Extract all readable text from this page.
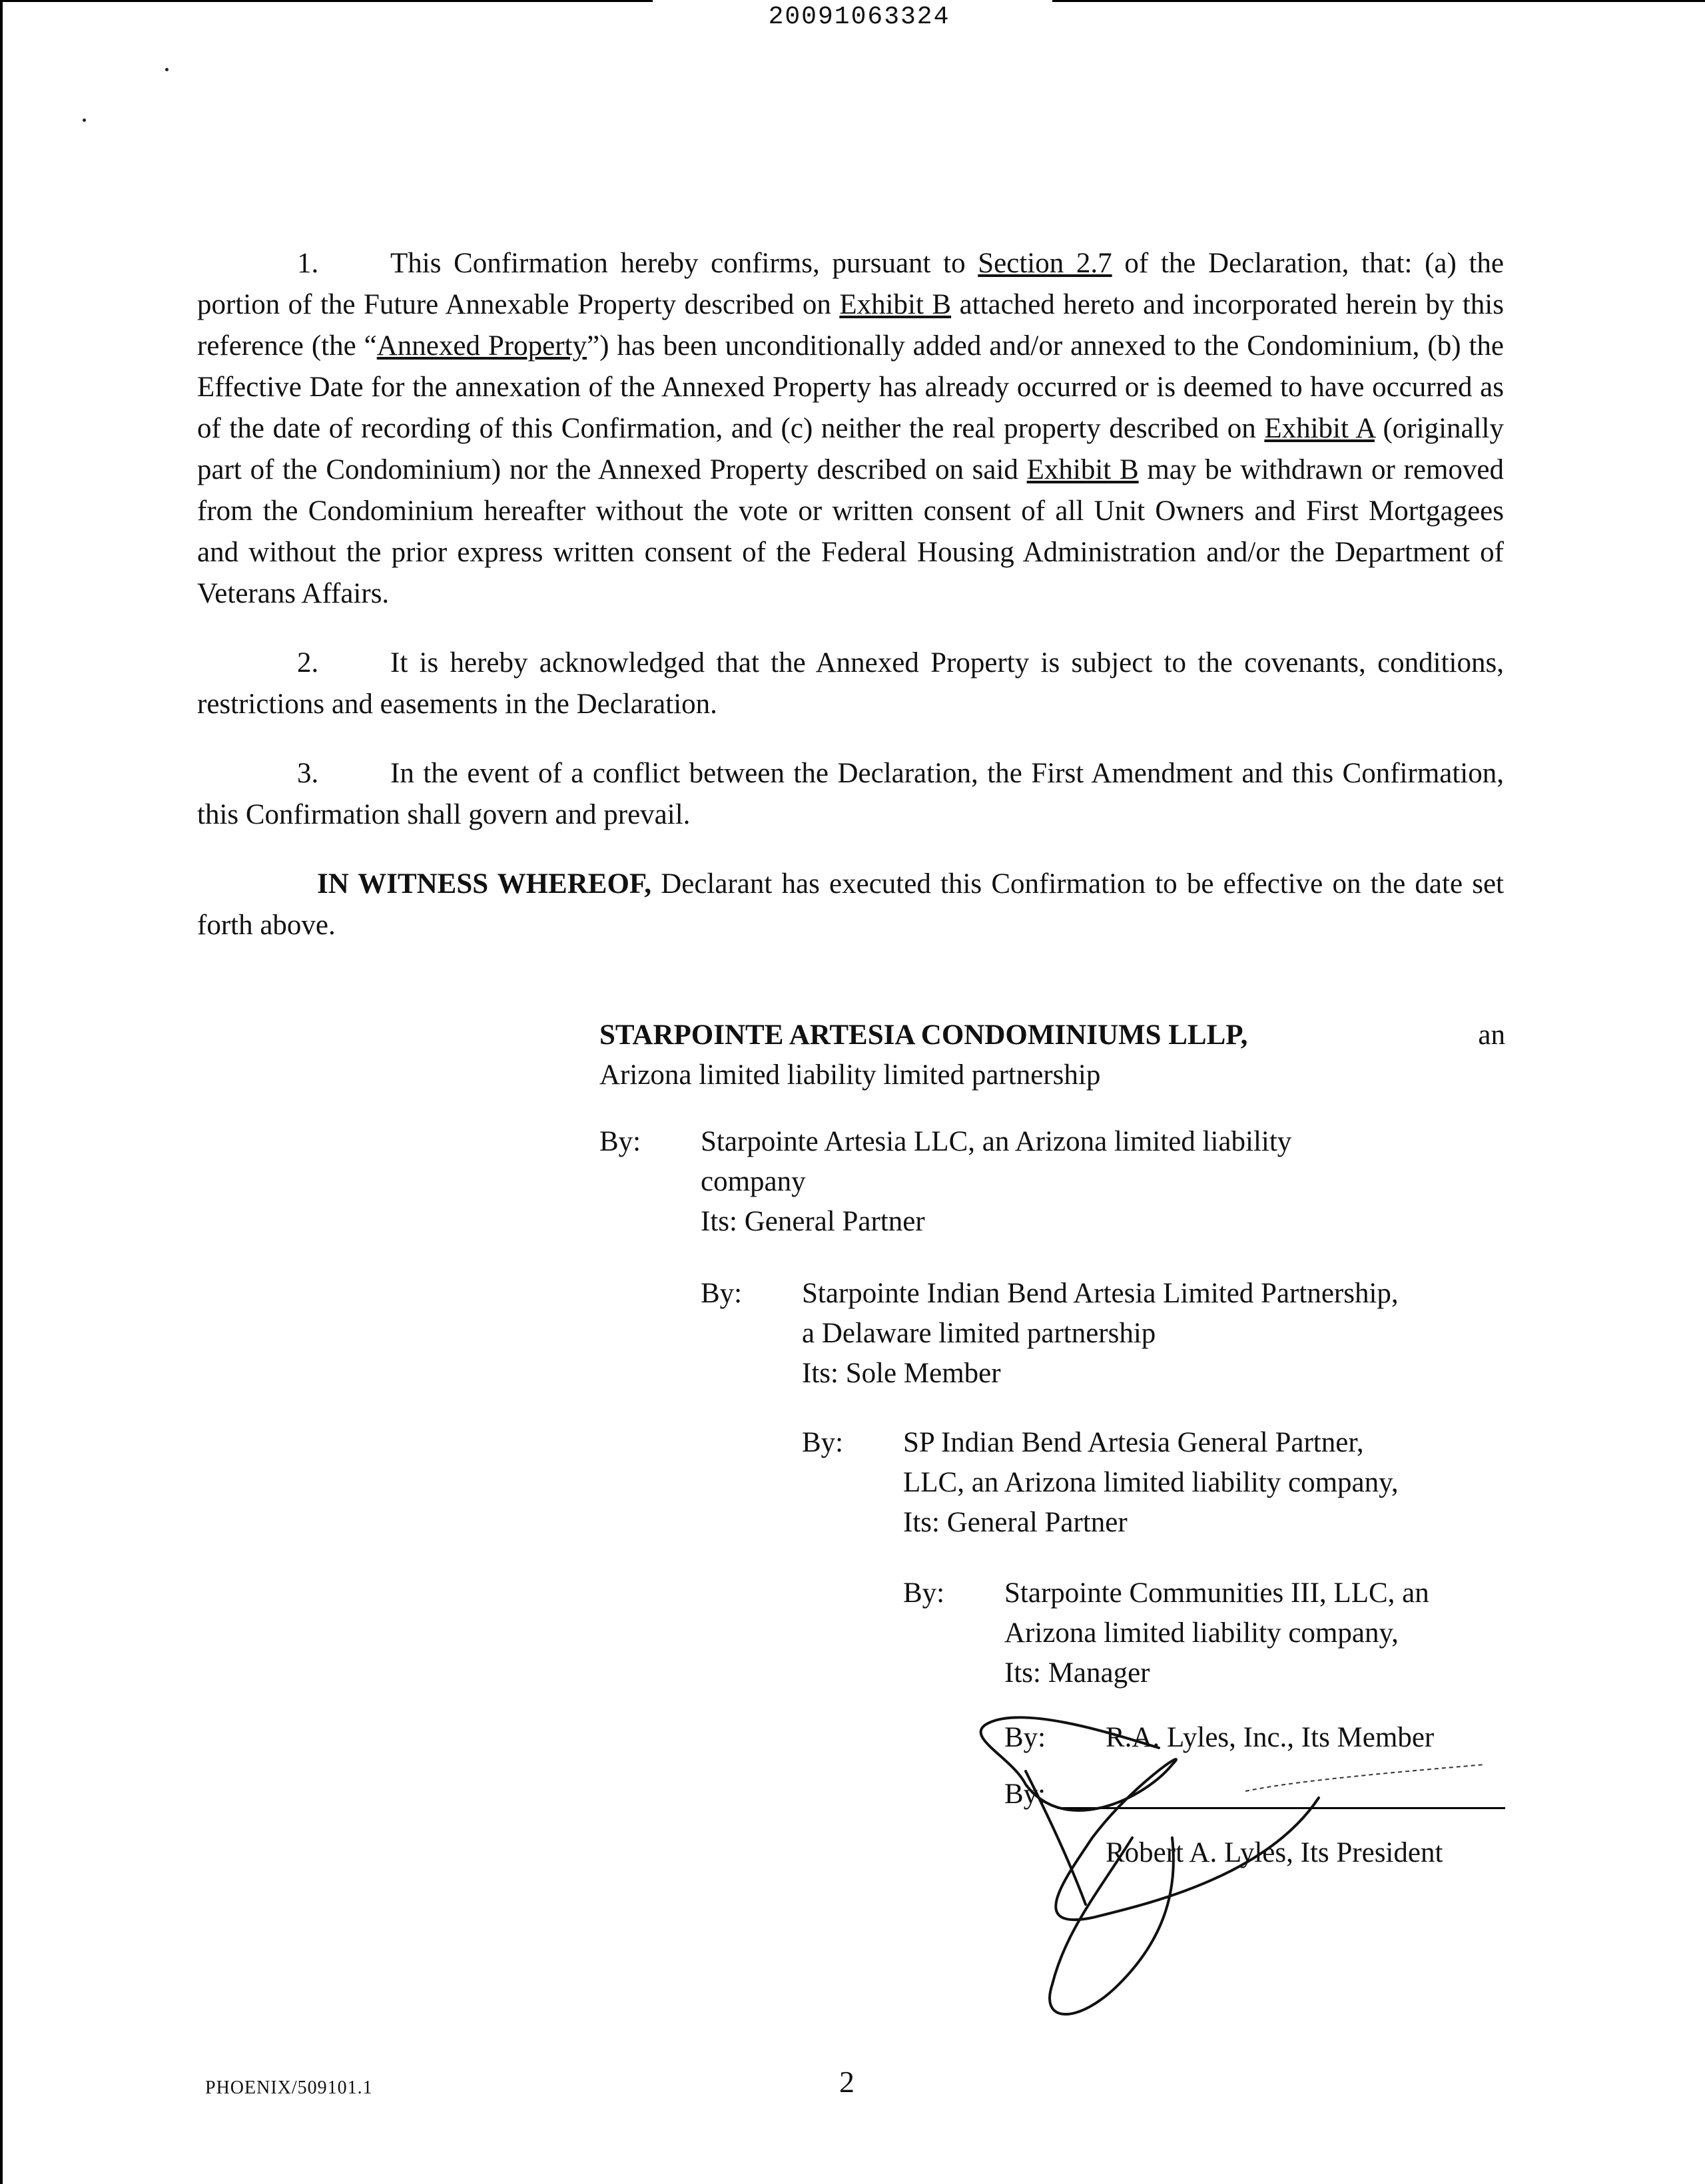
20091063324

1.	This Confirmation hereby confirms, pursuant to Section 2.7 of the Declaration, that: (a) the portion of the Future Annexable Property described on Exhibit B attached hereto and incorporated herein by this reference (the “Annexed Property”) has been unconditionally added and/or annexed to the Condominium, (b) the Effective Date for the annexation of the Annexed Property has already occurred or is deemed to have occurred as of the date of recording of this Confirmation, and (c) neither the real property described on Exhibit A (originally part of the Condominium) nor the Annexed Property described on said Exhibit B may be withdrawn or removed from the Condominium hereafter without the vote or written consent of all Unit Owners and First Mortgagees and without the prior express written consent of the Federal Housing Administration and/or the Department of Veterans Affairs.

2.	It is hereby acknowledged that the Annexed Property is subject to the covenants, conditions, restrictions and easements in the Declaration.

3.	In the event of a conflict between the Declaration, the First Amendment and this Confirmation, this Confirmation shall govern and prevail.

IN WITNESS WHEREOF, Declarant has executed this Confirmation to be effective on the date set forth above.

STARPOINTE ARTESIA CONDOMINIUMS LLLP,	an
Arizona limited liability limited partnership
By:	Starpointe Artesia LLC, an Arizona limited liability
company
Its: General Partner
By:	Starpointe Indian Bend Artesia Limited Partnership,
a Delaware limited partnership
Its: Sole Member
By:	SP Indian Bend Artesia General Partner,
LLC, an Arizona limited liability company,
Its: General Partner
By:	Starpointe Communities III, LLC, an
Arizona limited liability company,
Its: Manager
By:	R.A. Lyles, Inc., Its Member
By:
Robert A. Lyles, Its President
PHOENIX/509101.1	2
